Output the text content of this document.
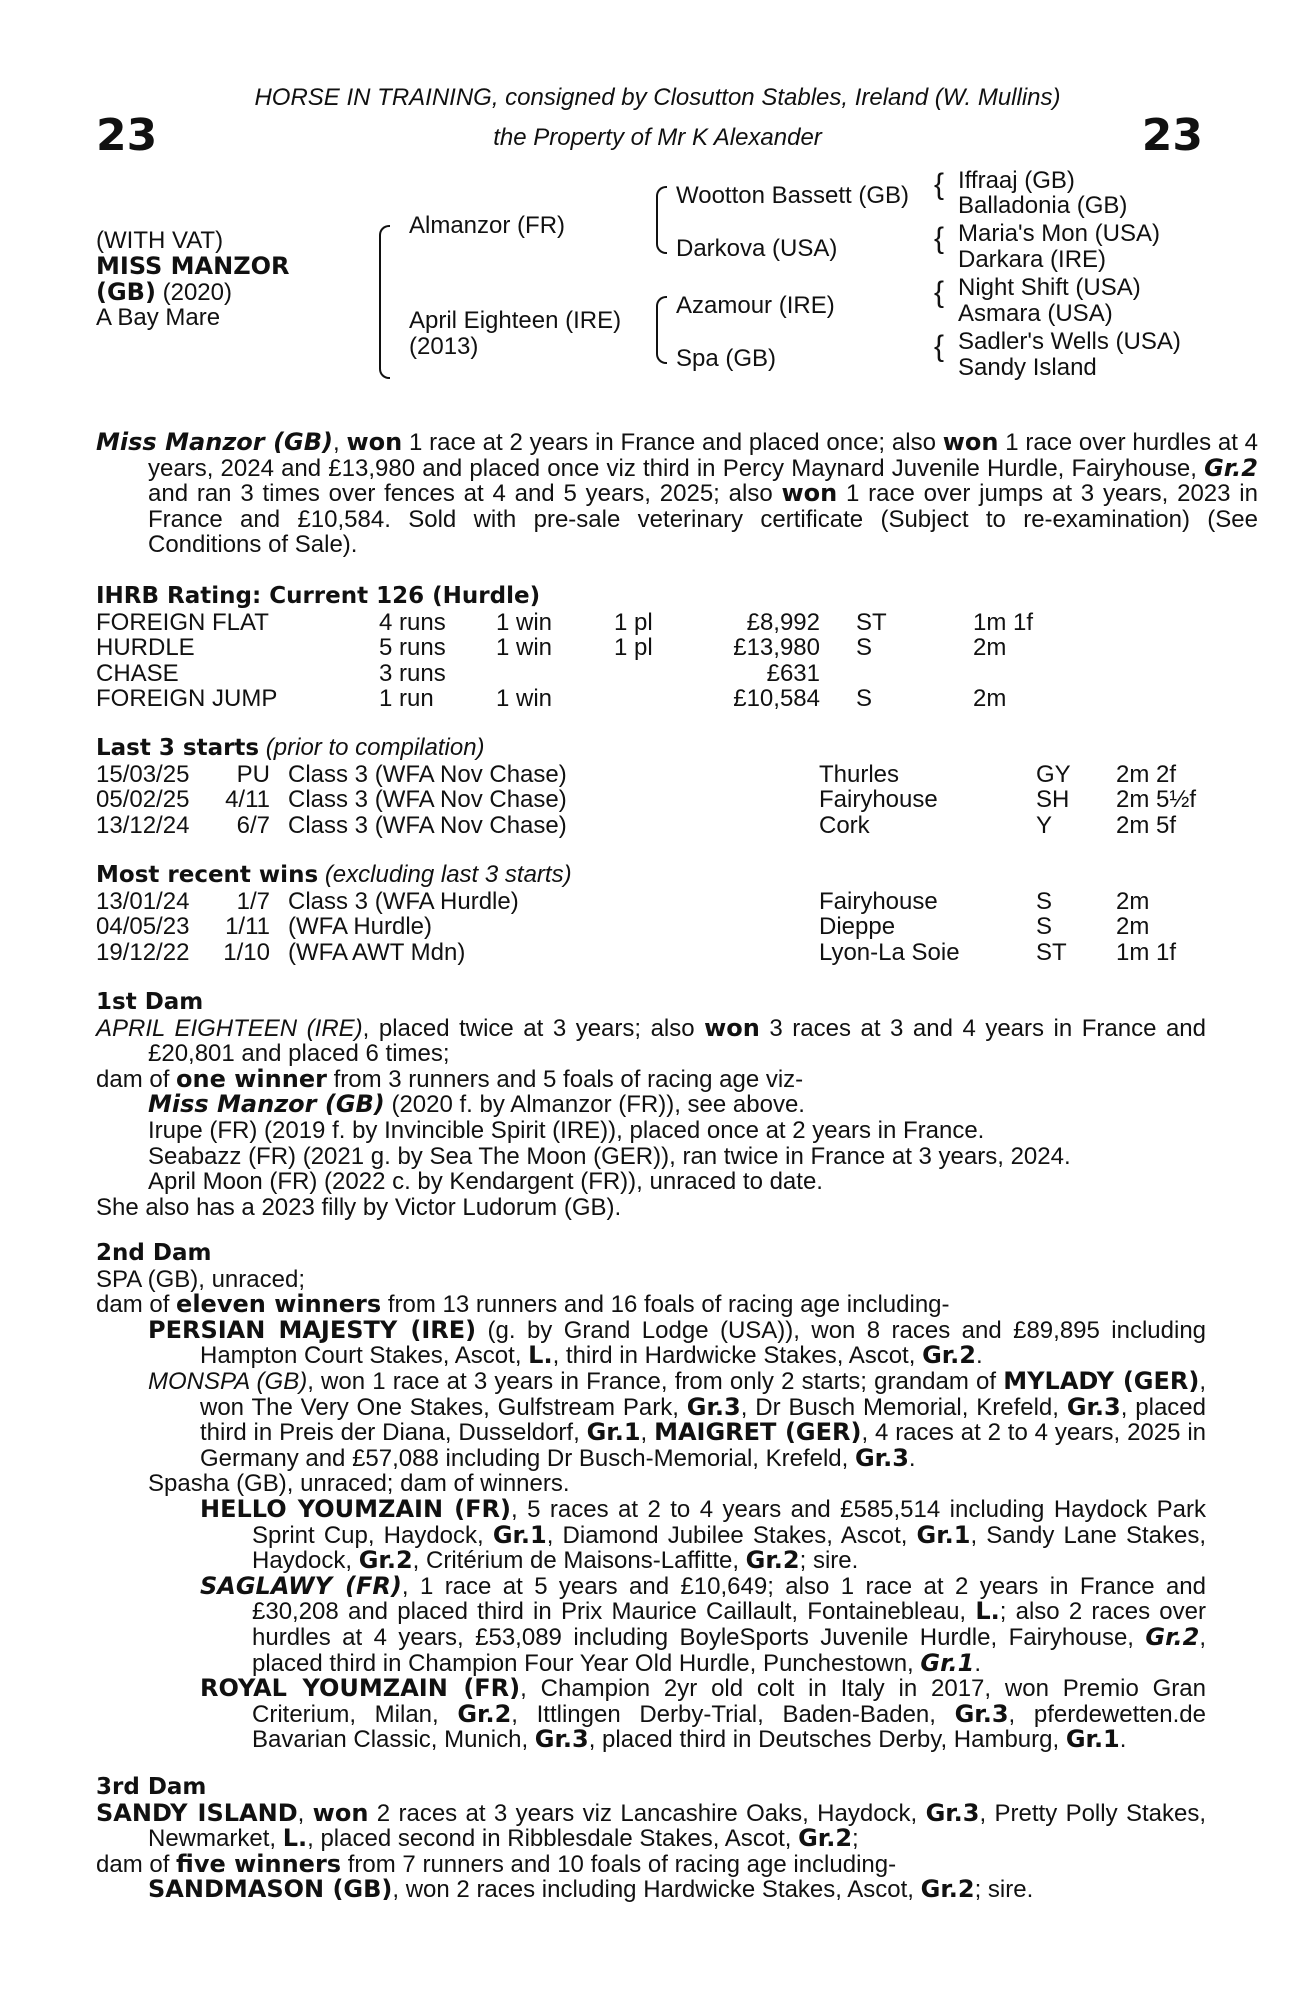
HORSE IN TRAINING, consigned by Closutton Stables, Ireland (W. Mullins)
the Property of Mr K Alexander
23	23
(WITH VAT)
MISS MANZOR
(GB) (2020)
A Bay Mare
Almanzor (FR)
April Eighteen (IRE)
(2013)
Wootton Bassett (GB)
Darkova (USA)
Azamour (IRE)
Spa (GB)
{ Iffraaj (GB)
Balladonia (GB)
{ Maria's Mon (USA)
Darkara (IRE)
{ Night Shift (USA)
Asmara (USA)
{ Sadler's Wells (USA)
Sandy Island
Miss Manzor (GB), won 1 race at 2 years in France and placed once; also won 1 race over hurdles at 4 years, 2024 and £13,980 and placed once viz third in Percy Maynard Juvenile Hurdle, Fairyhouse, Gr.2 and ran 3 times over fences at 4 and 5 years, 2025; also won 1 race over jumps at 3 years, 2023 in France and £10,584. Sold with pre-sale veterinary certificate (Subject to re-examination) (See Conditions of Sale).
IHRB Rating: Current 126 (Hurdle)
FOREIGN FLAT	4 runs 1 win	1 pl	£8,992 ST	1m 1f
HURDLE	5 runs 1 win	1 pl	£13,980 S	2m
CHASE	3 runs	£631
FOREIGN JUMP	1 run	1 win	£10,584 S	2m
Last 3 starts (prior to compilation)
15/03/25 PU Class 3 (WFA Nov Chase)	Thurles	GY 2m 2f
05/02/25 4/11 Class 3 (WFA Nov Chase)	Fairyhouse	SH 2m 5½f
13/12/24 6/7 Class 3 (WFA Nov Chase)	Cork	Y	2m 5f
Most recent wins (excluding last 3 starts)
13/01/24 1/7 Class 3 (WFA Hurdle)	Fairyhouse	S	2m
04/05/23 1/11 (WFA Hurdle)	Dieppe	S	2m
19/12/22 1/10 (WFA AWT Mdn)	Lyon-La Soie	ST 1m 1f
1st Dam
APRIL EIGHTEEN (IRE), placed twice at 3 years; also won 3 races at 3 and 4 years in France and £20,801 and placed 6 times;
dam of one winner from 3 runners and 5 foals of racing age viz-
Miss Manzor (GB) (2020 f. by Almanzor (FR)), see above.
Irupe (FR) (2019 f. by Invincible Spirit (IRE)), placed once at 2 years in France.
Seabazz (FR) (2021 g. by Sea The Moon (GER)), ran twice in France at 3 years, 2024.
April Moon (FR) (2022 c. by Kendargent (FR)), unraced to date.
She also has a 2023 filly by Victor Ludorum (GB).
2nd Dam
SPA (GB), unraced;
dam of eleven winners from 13 runners and 16 foals of racing age including-
PERSIAN MAJESTY (IRE) (g. by Grand Lodge (USA)), won 8 races and £89,895 including Hampton Court Stakes, Ascot, L., third in Hardwicke Stakes, Ascot, Gr.2.
MONSPA (GB), won 1 race at 3 years in France, from only 2 starts; grandam of MYLADY (GER), won The Very One Stakes, Gulfstream Park, Gr.3, Dr Busch Memorial, Krefeld, Gr.3, placed third in Preis der Diana, Dusseldorf, Gr.1, MAIGRET (GER), 4 races at 2 to 4 years, 2025 in Germany and £57,088 including Dr Busch-Memorial, Krefeld, Gr.3.
Spasha (GB), unraced; dam of winners.
HELLO YOUMZAIN (FR), 5 races at 2 to 4 years and £585,514 including Haydock Park Sprint Cup, Haydock, Gr.1, Diamond Jubilee Stakes, Ascot, Gr.1, Sandy Lane Stakes, Haydock, Gr.2, Critérium de Maisons-Laffitte, Gr.2; sire.
SAGLAWY (FR), 1 race at 5 years and £10,649; also 1 race at 2 years in France and £30,208 and placed third in Prix Maurice Caillault, Fontainebleau, L.; also 2 races over hurdles at 4 years, £53,089 including BoyleSports Juvenile Hurdle, Fairyhouse, Gr.2, placed third in Champion Four Year Old Hurdle, Punchestown, Gr.1.
ROYAL YOUMZAIN (FR), Champion 2yr old colt in Italy in 2017, won Premio Gran Criterium, Milan, Gr.2, Ittlingen Derby-Trial, Baden-Baden, Gr.3, pferdewetten.de Bavarian Classic, Munich, Gr.3, placed third in Deutsches Derby, Hamburg, Gr.1.
3rd Dam
SANDY ISLAND, won 2 races at 3 years viz Lancashire Oaks, Haydock, Gr.3, Pretty Polly Stakes, Newmarket, L., placed second in Ribblesdale Stakes, Ascot, Gr.2;
dam of five winners from 7 runners and 10 foals of racing age including-
SANDMASON (GB), won 2 races including Hardwicke Stakes, Ascot, Gr.2; sire.
